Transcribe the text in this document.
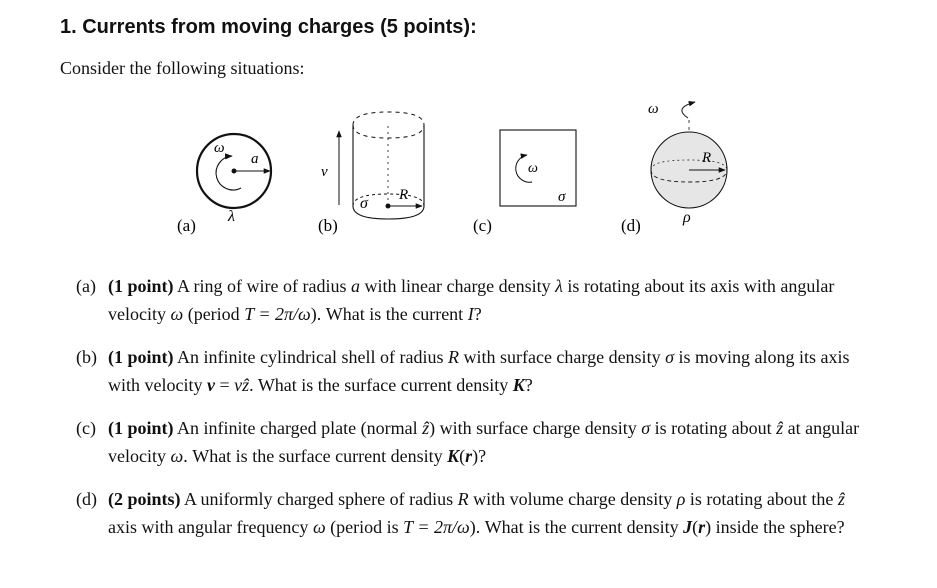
1. Currents from moving charges (5 points):
Consider the following situations:
ω
a
λ
(a)
v
σ R
(b)
ω
σ
(c)
ω
R
ρ
(d)
(a) (1 point) A ring of wire of radius a with linear charge density λ is rotating about its axis with angular velocity ω (period T = 2π/ω). What is the current I?
(b) (1 point) An infinite cylindrical shell of radius R with surface charge density σ is moving along its axis with velocity v = vẑ. What is the surface current density K?
(c) (1 point) An infinite charged plate (normal ẑ) with surface charge density σ is rotating about ẑ at angular velocity ω. What is the surface current density K(r)?
(d) (2 points) A uniformly charged sphere of radius R with volume charge density ρ is rotating about the ẑ axis with angular frequency ω (period is T = 2π/ω). What is the current density J(r) inside the sphere?
